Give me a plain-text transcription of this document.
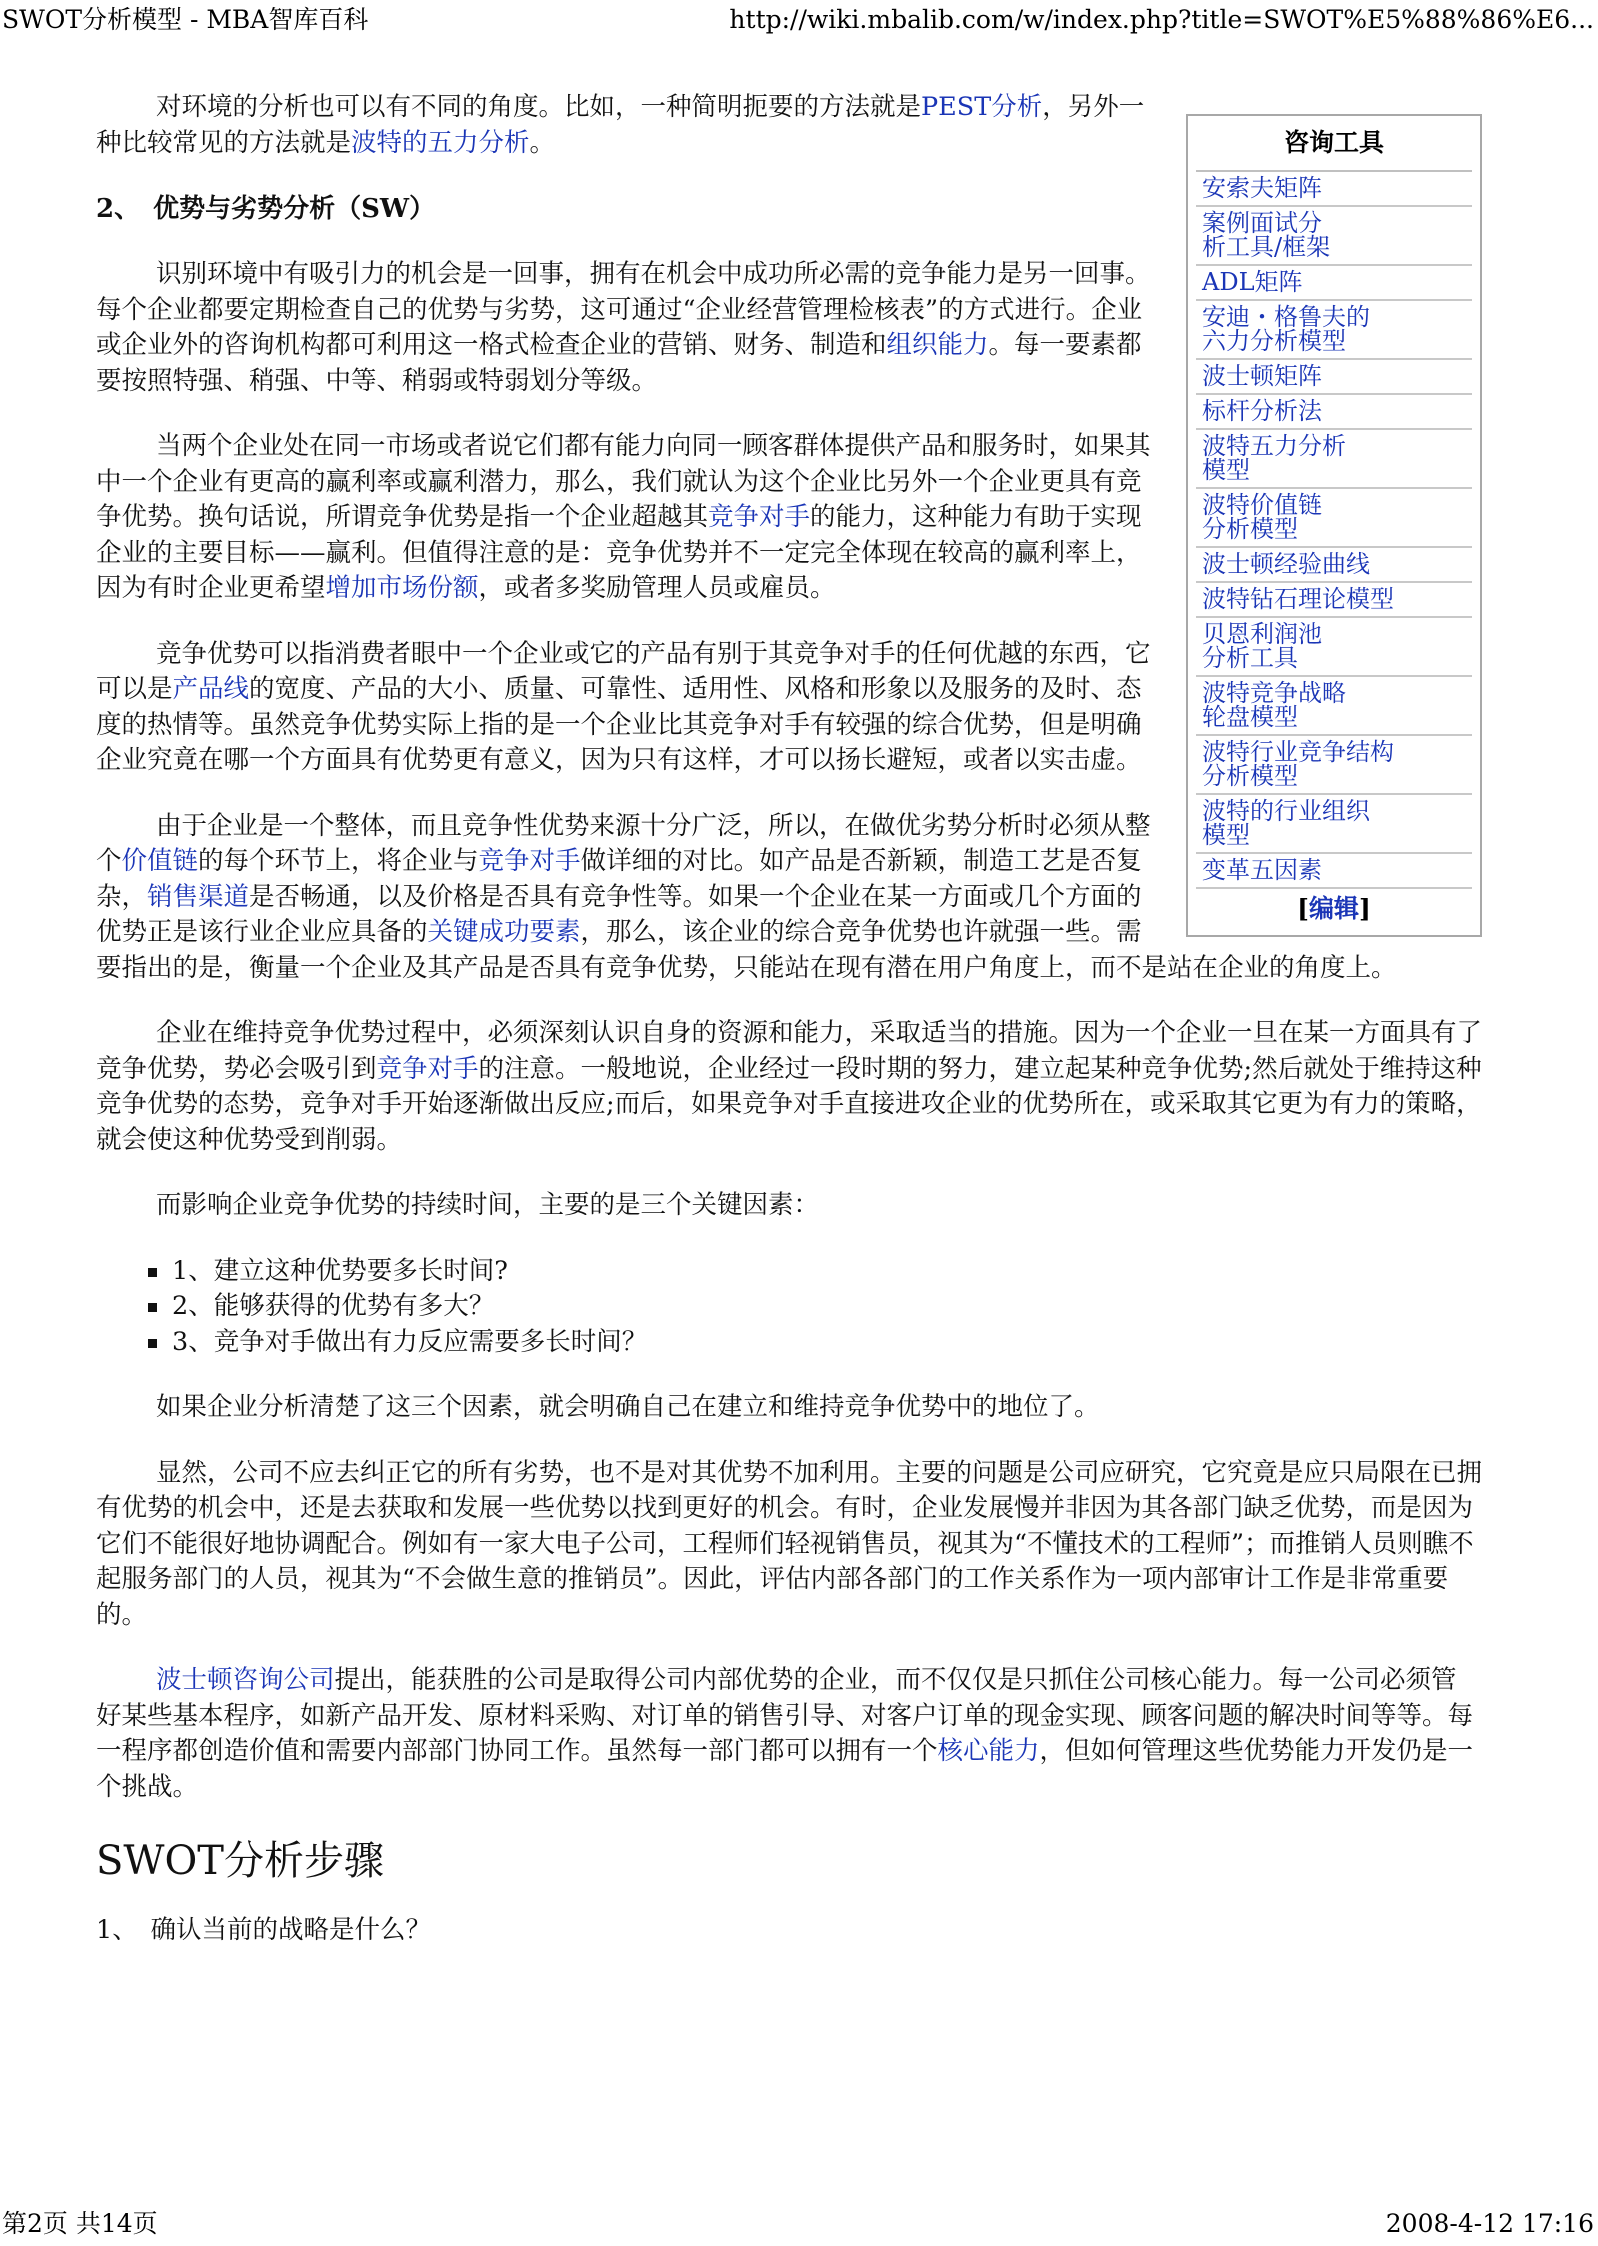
SWOT分析模型 - MBA智库百科	http://wiki.mbalib.com/w/index.php?title=SWOT%E5%88%86%E6...
咨询工具
安索夫矩阵
案例面试分
析工具/框架
ADL矩阵
安迪・格鲁夫的
六力分析模型
波士顿矩阵
标杆分析法
波特五力分析
模型
波特价值链
分析模型
波士顿经验曲线
波特钻石理论模型
贝恩利润池
分析工具
波特竞争战略
轮盘模型
波特行业竞争结构
分析模型
波特的行业组织
模型
变革五因素
[编辑]

对环境的分析也可以有不同的角度。比如，一种简明扼要的方法就是PEST分析，另外一种比较常见的方法就是波特的五力分析。

2、　优势与劣势分析（SW）

识别环境中有吸引力的机会是一回事，拥有在机会中成功所必需的竞争能力是另一回事。每个企业都要定期检查自己的优势与劣势，这可通过“企业经营管理检核表”的方式进行。企业或企业外的咨询机构都可利用这一格式检查企业的营销、财务、制造和组织能力。每一要素都要按照特强、稍强、中等、稍弱或特弱划分等级。

当两个企业处在同一市场或者说它们都有能力向同一顾客群体提供产品和服务时，如果其中一个企业有更高的赢利率或赢利潜力，那么，我们就认为这个企业比另外一个企业更具有竞争优势。换句话说，所谓竞争优势是指一个企业超越其竞争对手的能力，这种能力有助于实现企业的主要目标——赢利。但值得注意的是：竞争优势并不一定完全体现在较高的赢利率上，因为有时企业更希望增加市场份额，或者多奖励管理人员或雇员。

竞争优势可以指消费者眼中一个企业或它的产品有别于其竞争对手的任何优越的东西，它可以是产品线的宽度、产品的大小、质量、可靠性、适用性、风格和形象以及服务的及时、态度的热情等。虽然竞争优势实际上指的是一个企业比其竞争对手有较强的综合优势，但是明确企业究竟在哪一个方面具有优势更有意义，因为只有这样，才可以扬长避短，或者以实击虚。

由于企业是一个整体，而且竞争性优势来源十分广泛，所以，在做优劣势分析时必须从整个价值链的每个环节上，将企业与竞争对手做详细的对比。如产品是否新颖，制造工艺是否复杂，销售渠道是否畅通，以及价格是否具有竞争性等。如果一个企业在某一方面或几个方面的优势正是该行业企业应具备的关键成功要素，那么，该企业的综合竞争优势也许就强一些。需要指出的是，衡量一个企业及其产品是否具有竞争优势，只能站在现有潜在用户角度上，而不是站在企业的角度上。

企业在维持竞争优势过程中，必须深刻认识自身的资源和能力，采取适当的措施。因为一个企业一旦在某一方面具有了竞争优势，势必会吸引到竞争对手的注意。一般地说，企业经过一段时期的努力，建立起某种竞争优势;然后就处于维持这种竞争优势的态势，竞争对手开始逐渐做出反应;而后，如果竞争对手直接进攻企业的优势所在，或采取其它更为有力的策略，就会使这种优势受到削弱。

而影响企业竞争优势的持续时间，主要的是三个关键因素：

1、建立这种优势要多长时间?
2、能够获得的优势有多大？
3、竞争对手做出有力反应需要多长时间？

如果企业分析清楚了这三个因素，就会明确自己在建立和维持竞争优势中的地位了。

显然，公司不应去纠正它的所有劣势，也不是对其优势不加利用。主要的问题是公司应研究，它究竟是应只局限在已拥有优势的机会中，还是去获取和发展一些优势以找到更好的机会。有时，企业发展慢并非因为其各部门缺乏优势，而是因为它们不能很好地协调配合。例如有一家大电子公司，工程师们轻视销售员，视其为“不懂技术的工程师”；而推销人员则瞧不起服务部门的人员，视其为“不会做生意的推销员”。因此，评估内部各部门的工作关系作为一项内部审计工作是非常重要的。

波士顿咨询公司提出，能获胜的公司是取得公司内部优势的企业，而不仅仅是只抓住公司核心能力。每一公司必须管好某些基本程序，如新产品开发、原材料采购、对订单的销售引导、对客户订单的现金实现、顾客问题的解决时间等等。每一程序都创造价值和需要内部部门协同工作。虽然每一部门都可以拥有一个核心能力，但如何管理这些优势能力开发仍是一个挑战。

SWOT分析步骤
1、　确认当前的战略是什么？
第2页 共14页	2008-4-12 17:16
